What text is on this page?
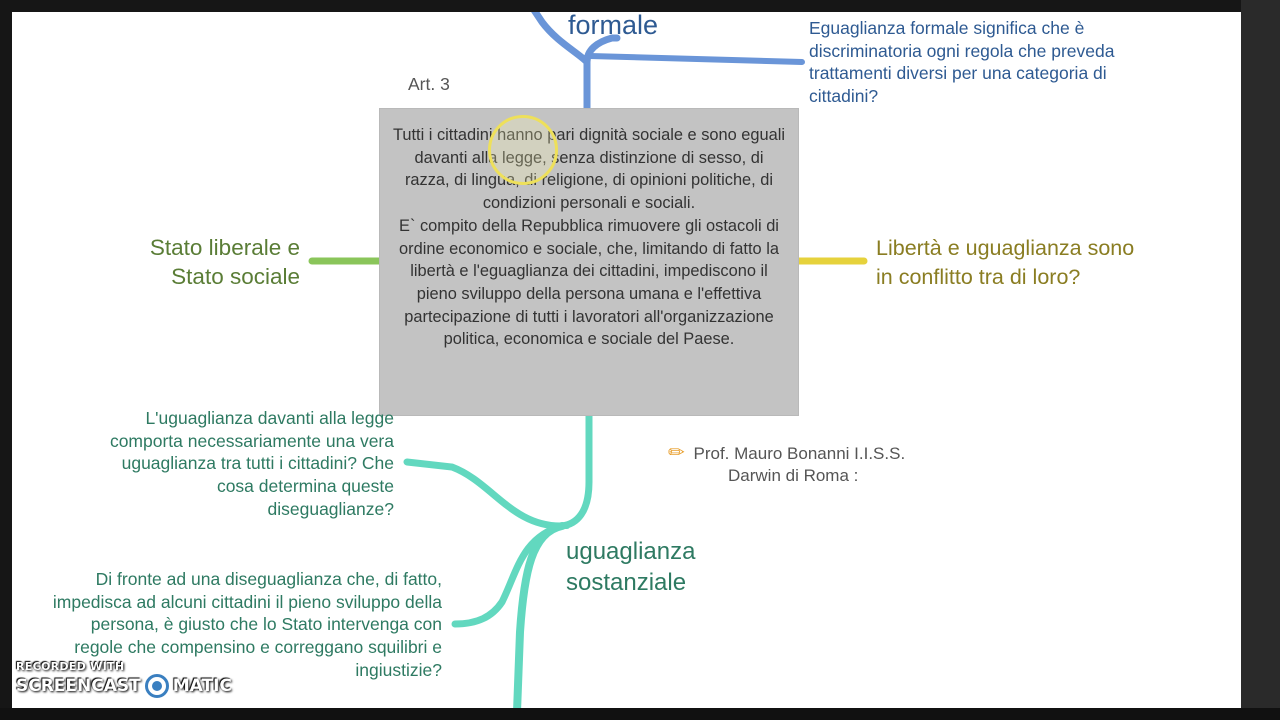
formale	Eguaglianza formale significa che è discriminatoria ogni regola che preveda trattamenti diversi per una categoria di cittadini?
Art. 3

Tutti i cittadini hanno pari dignità sociale e sono eguali davanti alla legge, senza distinzione di sesso, di razza, di lingua, di religione, di opinioni politiche, di condizioni personali e sociali.

E` compito della Repubblica rimuovere gli ostacoli di ordine economico e sociale, che, limitando di fatto la libertà e l'eguaglianza dei cittadini, impediscono il pieno sviluppo della persona umana e l'effettiva partecipazione di tutti i lavoratori all'organizzazione politica, economica e sociale del Paese.

Stato liberale e
Stato sociale
Libertà e uguaglianza sono
in conflitto tra di loro?
L'uguaglianza davanti alla legge comporta necessariamente una vera uguaglianza tra tutti i cittadini? Che cosa determina queste diseguaglianze?
uguaglianza
sostanziale
Di fronte ad una diseguaglianza che, di fatto, impedisca ad alcuni cittadini il pieno sviluppo della persona, è giusto che lo Stato intervenga con regole che compensino e correggano squilibri e ingiustizie?
✏ Prof. Mauro Bonanni I.I.S.S.
Darwin di Roma :
RECORDED WITH
SCREENCAST MATIC
